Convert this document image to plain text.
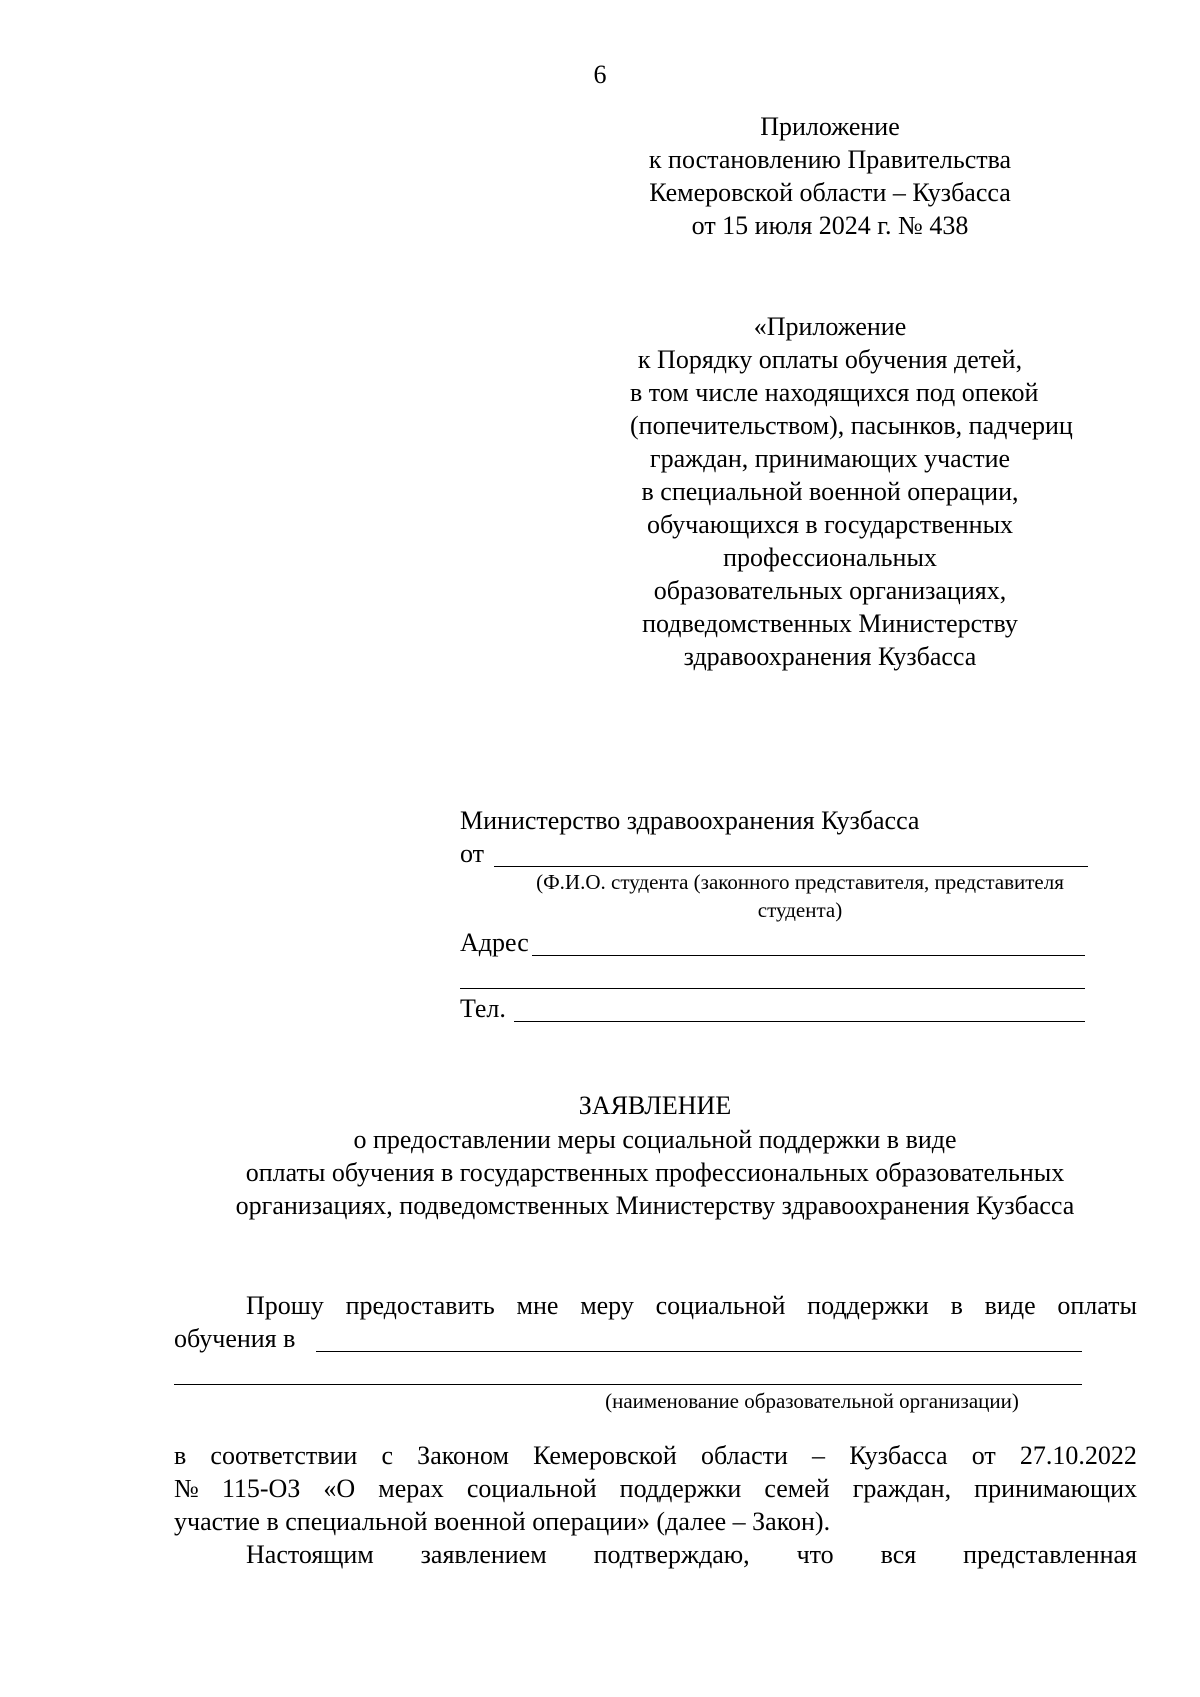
6
Приложение
к постановлению Правительства
Кемеровской области – Кузбасса
от 15 июля 2024 г. № 438
«Приложение
к Порядку оплаты обучения детей,
в том числе находящихся под опекой
(попечительством), пасынков, падчериц
граждан, принимающих участие
в специальной военной операции,
обучающихся в государственных
профессиональных
образовательных организациях,
подведомственных Министерству
здравоохранения Кузбасса
Министерство здравоохранения Кузбасса
от
(Ф.И.О. студента (законного представителя, представителя
студента)
Адрес
Тел.
ЗАЯВЛЕНИЕ
о предоставлении меры социальной поддержки в виде
оплаты обучения в государственных профессиональных образовательных
организациях, подведомственных Министерству здравоохранения Кузбасса
Прошу предоставить мне меру социальной поддержки в виде оплаты
обучения в
(наименование образовательной организации)
в соответствии с Законом Кемеровской области – Кузбасса от 27.10.2022
№ 115-ОЗ «О мерах социальной поддержки семей граждан, принимающих
участие в специальной военной операции» (далее – Закон).
Настоящим заявлением подтверждаю, что вся представленная
